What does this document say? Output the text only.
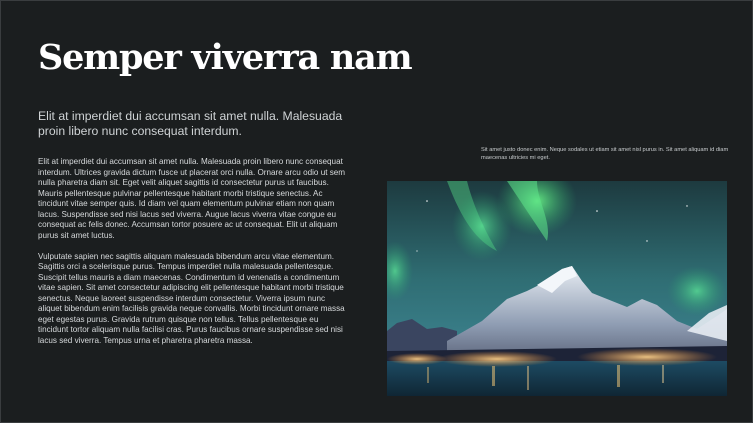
Semper viverra nam

Elit at imperdiet dui accumsan sit amet nulla. Malesuada proin libero nunc consequat interdum.

Elit at imperdiet dui accumsan sit amet nulla. Malesuada proin libero nunc consequat interdum. Ultrices gravida dictum fusce ut placerat orci nulla. Ornare arcu odio ut sem nulla pharetra diam sit. Eget velit aliquet sagittis id consectetur purus ut faucibus. Mauris pellentesque pulvinar pellentesque habitant morbi tristique senectus. Ac tincidunt vitae semper quis. Id diam vel quam elementum pulvinar etiam non quam lacus. Suspendisse sed nisi lacus sed viverra. Augue lacus viverra vitae congue eu consequat ac felis donec. Accumsan tortor posuere ac ut consequat. Elit ut aliquam purus sit amet luctus.

Vulputate sapien nec sagittis aliquam malesuada bibendum arcu vitae elementum. Sagittis orci a scelerisque purus. Tempus imperdiet nulla malesuada pellentesque. Suscipit tellus mauris a diam maecenas. Condimentum id venenatis a condimentum vitae sapien. Sit amet consectetur adipiscing elit pellentesque habitant morbi tristique senectus. Neque laoreet suspendisse interdum consectetur. Viverra ipsum nunc aliquet bibendum enim facilisis gravida neque convallis. Morbi tincidunt ornare massa eget egestas purus. Gravida rutrum quisque non tellus. Tellus pellentesque eu tincidunt tortor aliquam nulla facilisi cras. Purus faucibus ornare suspendisse sed nisi lacus sed viverra. Tempus urna et pharetra pharetra massa.

Sit amet justo donec enim. Neque sodales ut etiam sit amet nisl purus in. Sit amet aliquam id diam maecenas ultricies mi eget.
